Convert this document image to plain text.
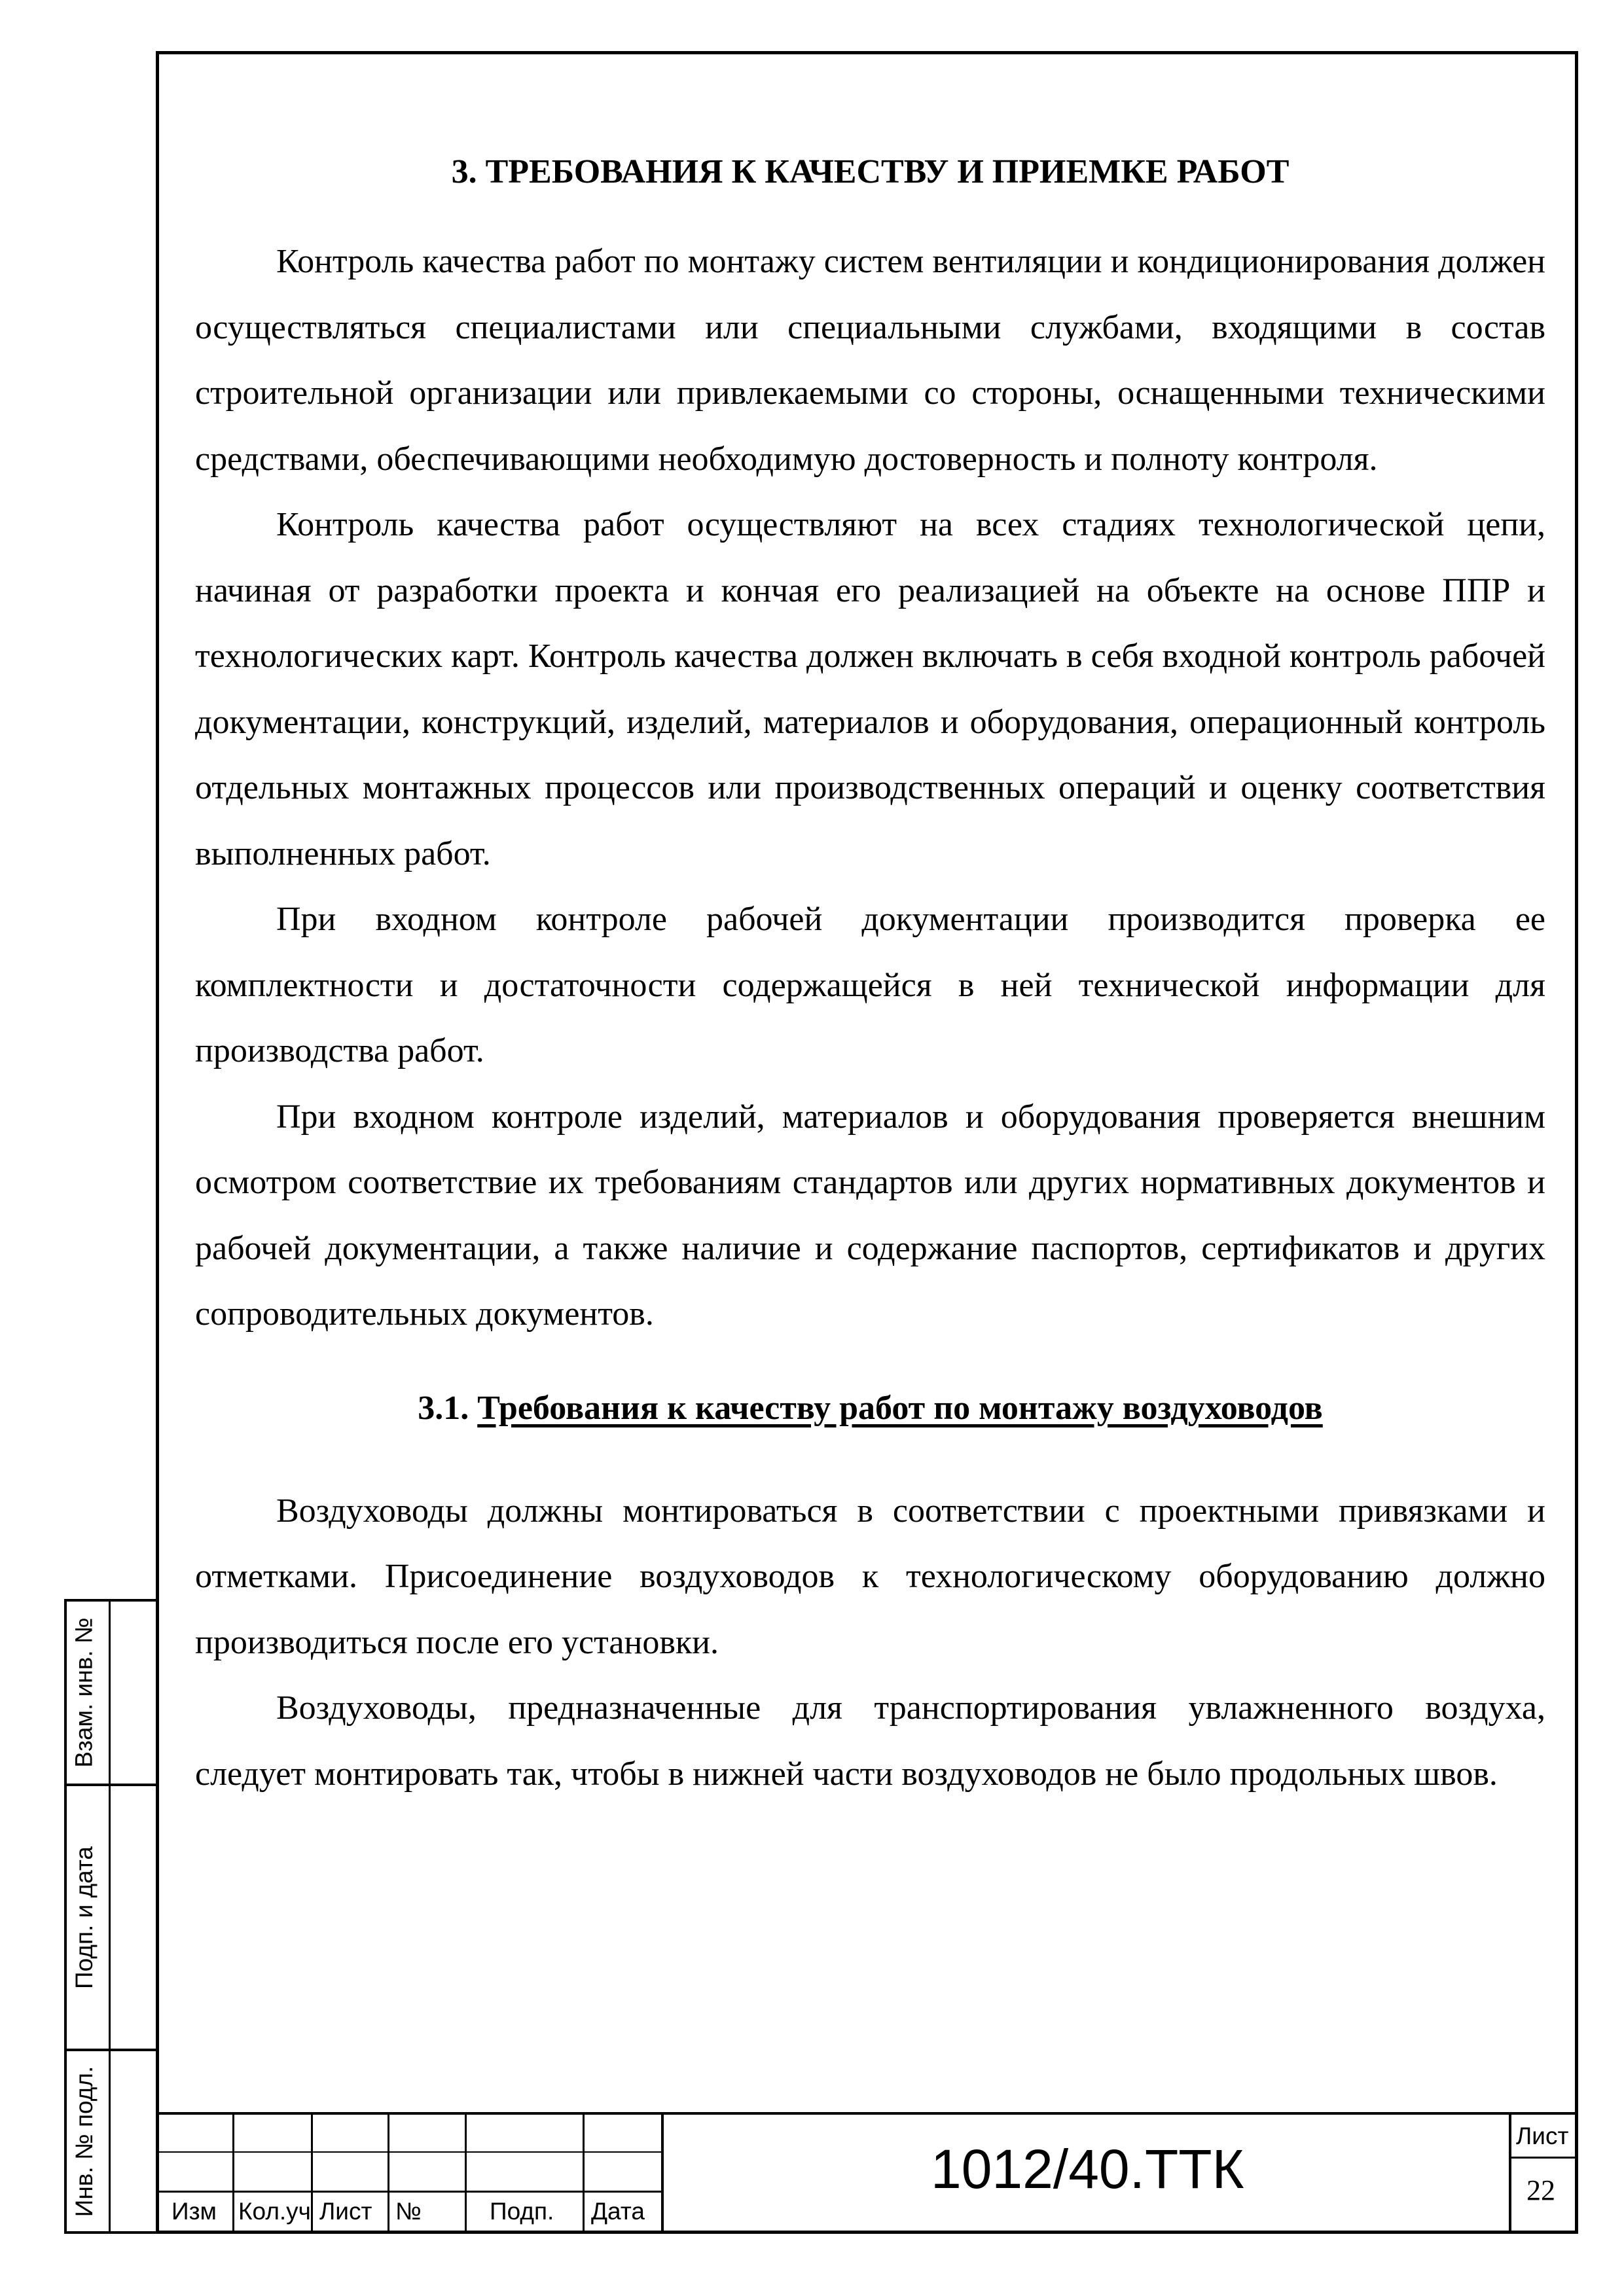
3. ТРЕБОВАНИЯ К КАЧЕСТВУ И ПРИЕМКЕ РАБОТ

Контроль качества работ по монтажу систем вентиляции и кондиционирования должен осуществляться специалистами или специальными службами, входящими в состав строительной организации или привлекаемыми со стороны, оснащенными техническими средствами, обеспечивающими необходимую достоверность и полноту контроля.

Контроль качества работ осуществляют на всех стадиях технологической цепи, начиная от разработки проекта и кончая его реализацией на объекте на основе ППР и технологических карт. Контроль качества должен включать в себя входной контроль рабочей документации, конструкций, изделий, материалов и оборудования, операционный контроль отдельных монтажных процессов или производственных операций и оценку соответствия выполненных работ.

При входном контроле рабочей документации производится проверка ее комплектности и достаточности содержащейся в ней технической информации для производства работ.

При входном контроле изделий, материалов и оборудования проверяется внешним осмотром соответствие их требованиям стандартов или других нормативных документов и рабочей документации, а также наличие и содержание паспортов, сертификатов и других сопроводительных документов.

3.1. Требования к качеству работ по монтажу воздуховодов

Воздуховоды должны монтироваться в соответствии с проектными привязками и отметками. Присоединение воздуховодов к технологическому оборудованию должно производиться после его установки.

Воздуховоды, предназначенные для транспортирования увлажненного воздуха, следует монтировать так, чтобы в нижней части воздуховодов не было продольных швов.

Взам. инв. №
Подп. и дата
Инв. № подл.	Изм Кол.уч Лист №	Подп. Дата
1012/40.ТТК
Лист
22
